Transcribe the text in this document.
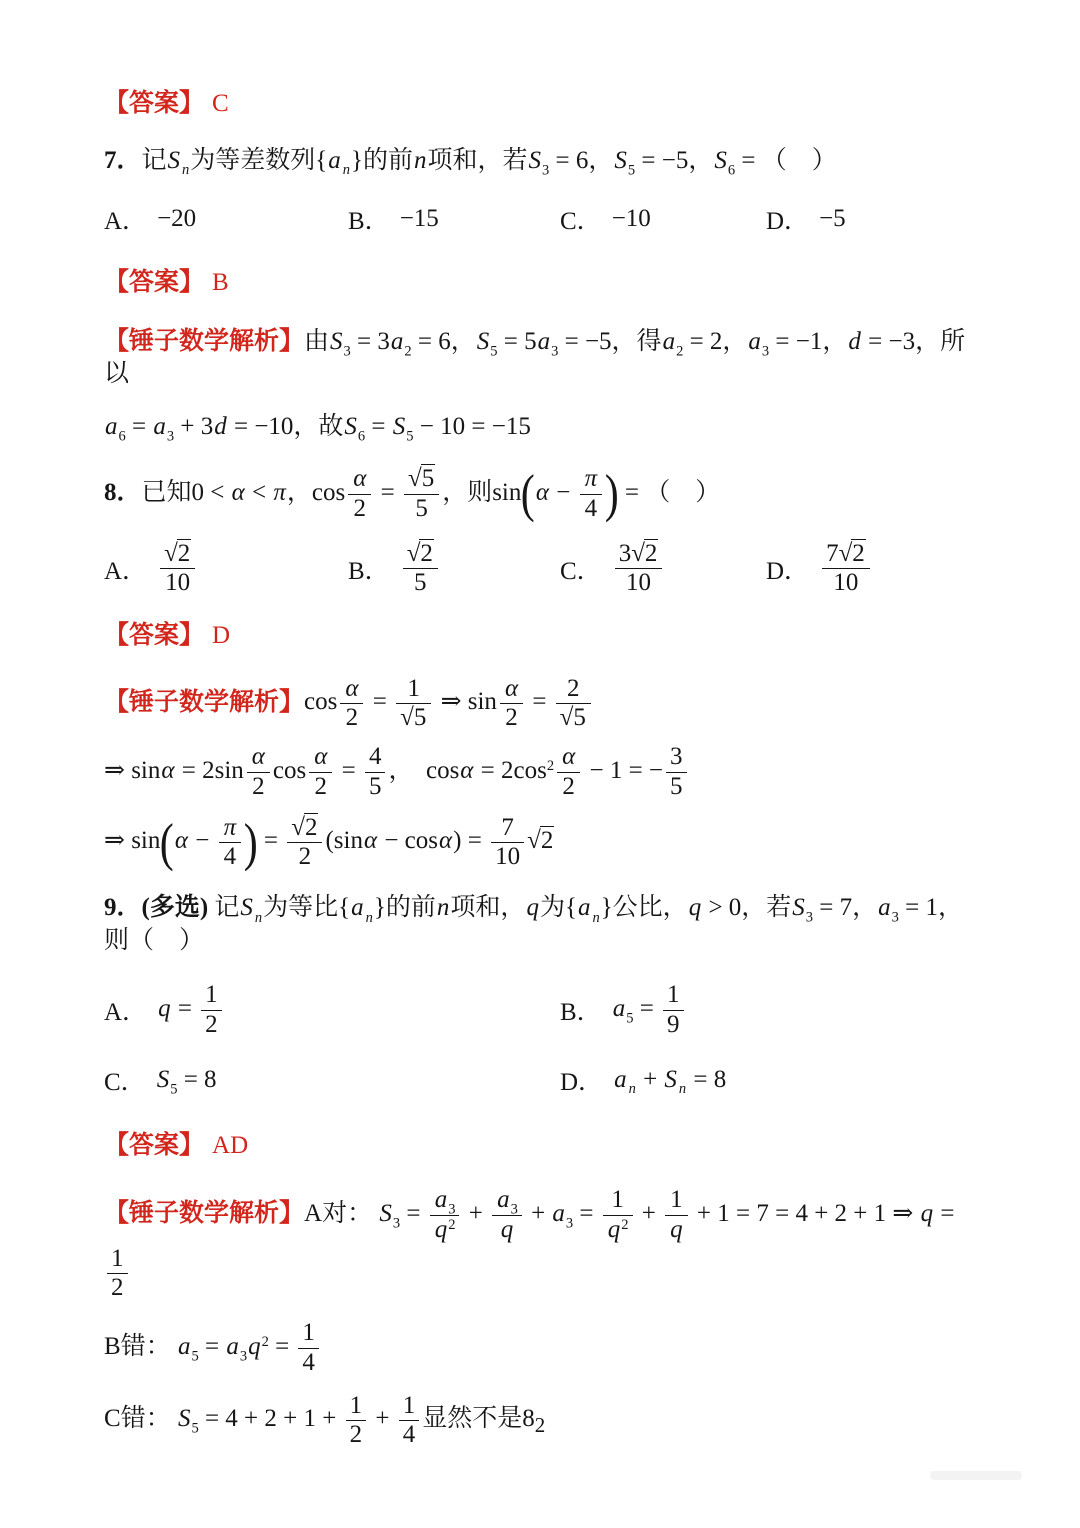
【答案】 C
7．记S $_n$为等差数列{a $_n$}的前n项和，若$S_3 = 6$，$S_5 = -5$，$S_6$ = （    ）
A． −20	B． −15	C． −10	D． −5
【答案】 B
【锤子数学解析】由$S_3 = 3a_2 = 6$，$S_5 = 5a_3 = -5$，得$a_2 = 2$，$a_3 = -1$，d = −3，所以
$a_6 = a_3 + 3d = -10$，故$S_6 = S_5 - 10 = -15$
8．已知0 < α < π，$\cos \frac{\alpha}{2} = \frac{√5}{5}$ ，则$\sin(\alpha - \frac{\pi}{4}$ ) = （    ）
A． $\frac{√2}{10}$	B． $\frac{√2}{5}$	C． $\frac{3√2}{10}$	D． $\frac{7√2}{10}$
【答案】 D
【锤子数学解析】$\cos \frac{\alpha}{2} = \frac{1}{√5}$ ⇒ $\sin \frac{\alpha}{2} = \frac{2}{√5}$
⇒ $\sin\alpha = 2\sin \frac{\alpha}{2}$ $\cos \frac{\alpha}{2} = \frac{4}{5}$ ，  $\cos\alpha = 2\cos^2 \frac{\alpha}{2} - 1$ = − $\frac{3}{5}$
⇒ $\sin(\alpha - \frac{\pi}{4}$ ) = $\frac{√2}{2} (\sin\alpha - \cos\alpha) = \frac{7}{10} √2$
9．(多选) 记S $_n$为等比{a $_n$}的前n项和，q为{a $_n$}公比，q > 0，若$S_3 = 7$，$a_3 = 1$，则（    ）
A． $q = \frac{1}{2}$	B． $a_5 = \frac{1}{9}$
C． $S_5 = 8$	D． a $_n$ + S $_n$ = 8
【答案】 AD
【锤子数学解析】A对： $S_3 = \frac{a_3}{q^2} + \frac{a_3}{q} + a_3 = \frac{1}{q^2} + \frac{1}{q} + 1 = 7 = 4 + 2 + 1$ ⇒ q =
$\frac{1}{2}$
B错： $a_5 = a_3q^2 = \frac{1}{4}$
C错： $S_5 = 4 + 2 + 1 + \frac{1}{2} + \frac{1}{4}$ 显然不是8 2
